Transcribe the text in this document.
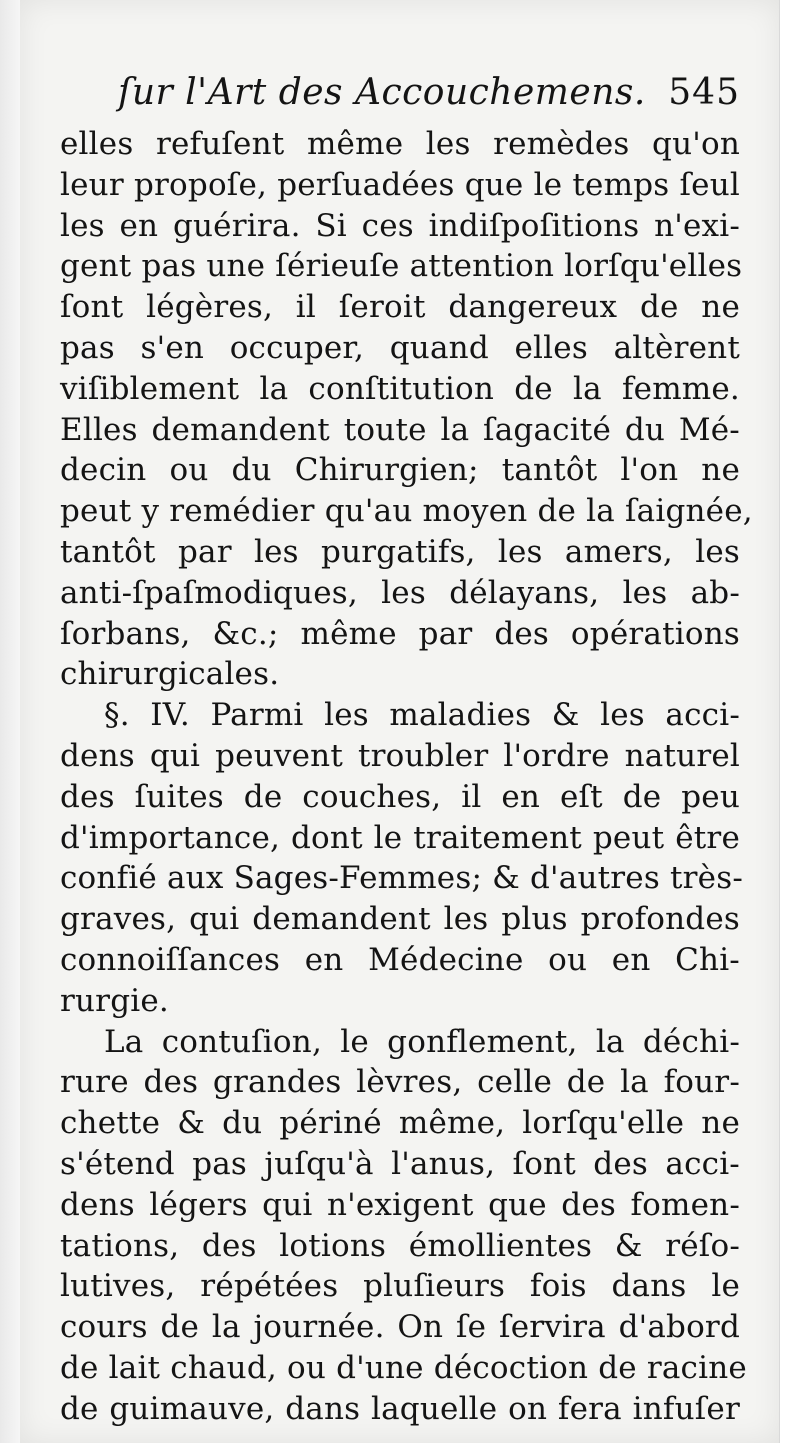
ſur l'Art des Accouchemens. 545
elles refuſent même les remèdes qu'on
leur propoſe, perſuadées que le temps ſeul
les en guérira. Si ces indiſpoſitions n'exi-
gent pas une ſérieuſe attention lorſqu'elles
ſont légères, il ſeroit dangereux de ne
pas s'en occuper, quand elles altèrent
viſiblement la conſtitution de la femme.
Elles demandent toute la ſagacité du Mé-
decin ou du Chirurgien; tantôt l'on ne
peut y remédier qu'au moyen de la ſaignée,
tantôt par les purgatifs, les amers, les
anti-ſpaſmodiques, les délayans, les ab-
ſorbans, &c.; même par des opérations
chirurgicales.
§. IV. Parmi les maladies & les acci-
dens qui peuvent troubler l'ordre naturel
des ſuites de couches, il en eſt de peu
d'importance, dont le traitement peut être
confié aux Sages-Femmes; & d'autres très-
graves, qui demandent les plus profondes
connoiſſances en Médecine ou en Chi-
rurgie.
La contuſion, le gonflement, la déchi-
rure des grandes lèvres, celle de la four-
chette & du périné même, lorſqu'elle ne
s'étend pas juſqu'à l'anus, ſont des acci-
dens légers qui n'exigent que des fomen-
tations, des lotions émollientes & réſo-
lutives, répétées pluſieurs fois dans le
cours de la journée. On ſe ſervira d'abord
de lait chaud, ou d'une décoction de racine
de guimauve, dans laquelle on fera infuſer
